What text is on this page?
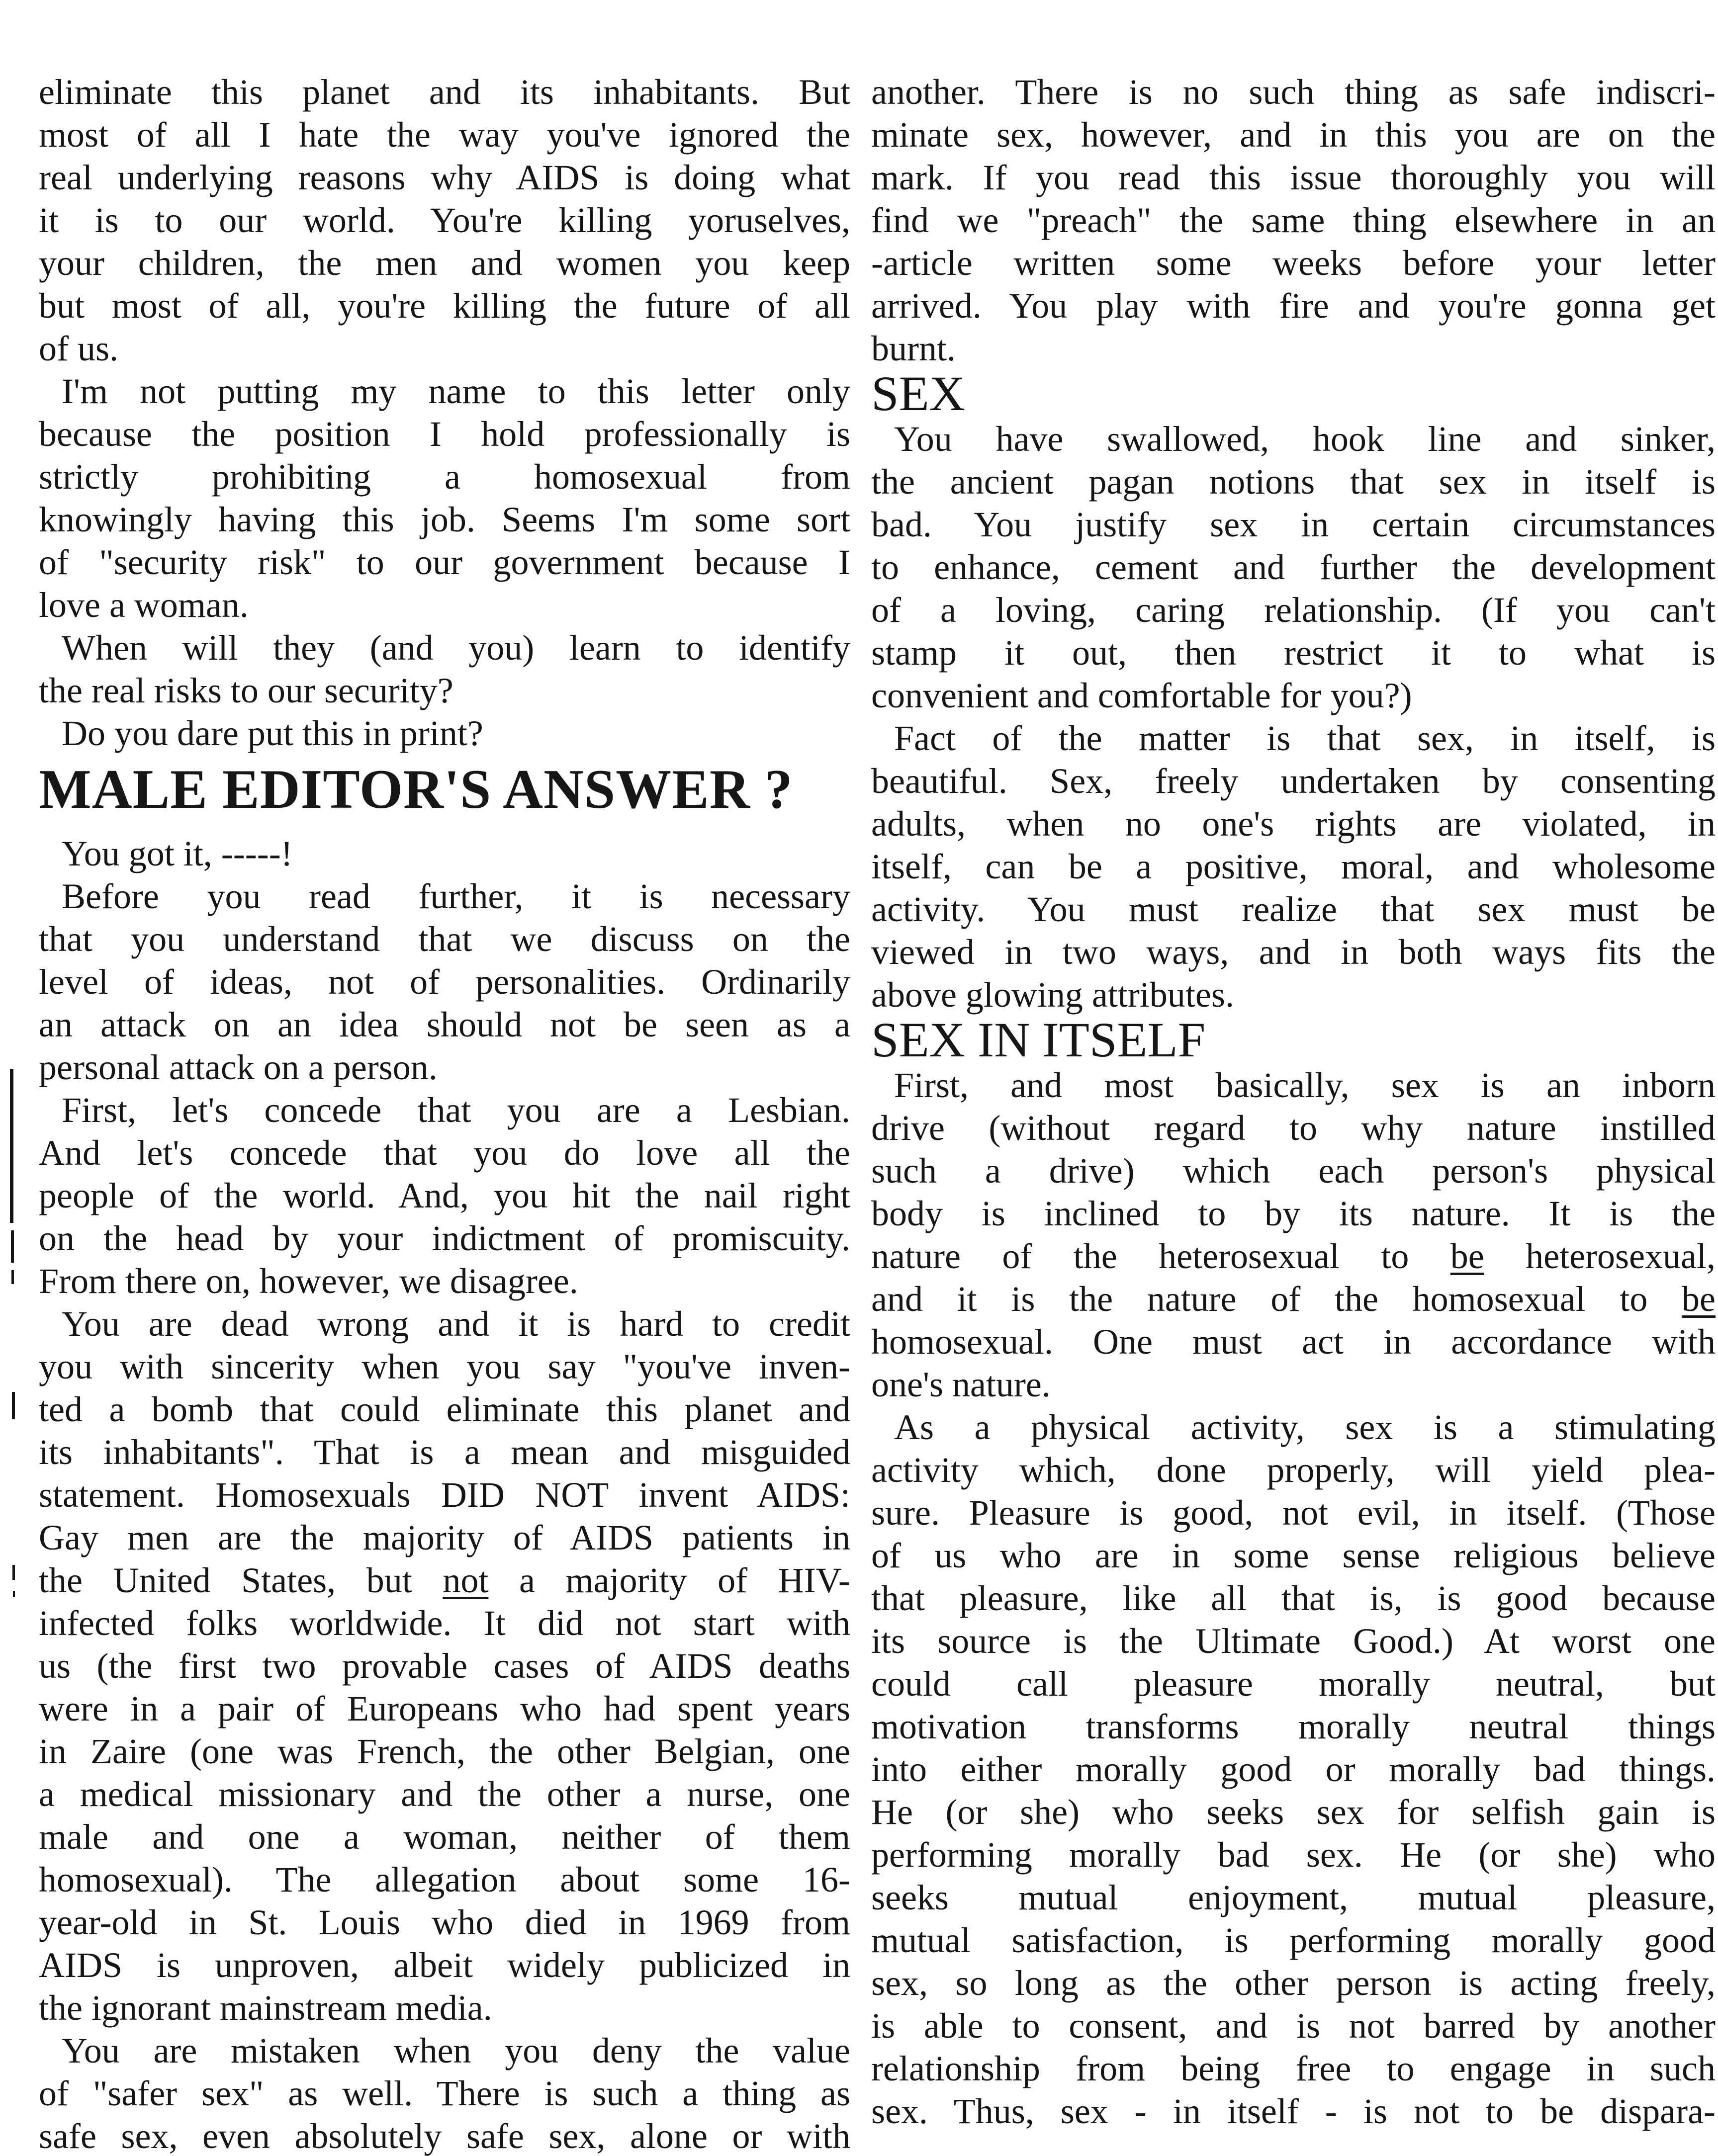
eliminate this planet and its inhabitants. But
most of all I hate the way you've ignored the
real underlying reasons why AIDS is doing what
it is to our world. You're killing yoruselves,
your children, the men and women you keep
but most of all, you're killing the future of all
of us.
I'm not putting my name to this letter only
because the position I hold professionally is
strictly prohibiting a homosexual from
knowingly having this job. Seems I'm some sort
of "security risk" to our government because I
love a woman.
When will they (and you) learn to identify
the real risks to our security?
Do you dare put this in print?
MALE EDITOR'S ANSWER ?
You got it, -----!
Before you read further, it is necessary
that you understand that we discuss on the
level of ideas, not of personalities. Ordinarily
an attack on an idea should not be seen as a
personal attack on a person.
First, let's concede that you are a Lesbian.
And let's concede that you do love all the
people of the world. And, you hit the nail right
on the head by your indictment of promiscuity.
From there on, however, we disagree.
You are dead wrong and it is hard to credit
you with sincerity when you say "you've inven-
ted a bomb that could eliminate this planet and
its inhabitants". That is a mean and misguided
statement. Homosexuals DID NOT invent AIDS:
Gay men are the majority of AIDS patients in
the United States, but not a majority of HIV-
infected folks worldwide. It did not start with
us (the first two provable cases of AIDS deaths
were in a pair of Europeans who had spent years
in Zaire (one was French, the other Belgian, one
a medical missionary and the other a nurse, one
male and one a woman, neither of them
homosexual). The allegation about some 16-
year-old in St. Louis who died in 1969 from
AIDS is unproven, albeit widely publicized in
the ignorant mainstream media.
You are mistaken when you deny the value
of "safer sex" as well. There is such a thing as
safe sex, even absolutely safe sex, alone or with
another. There is no such thing as safe indiscri-
minate sex, however, and in this you are on the
mark. If you read this issue thoroughly you will
find we "preach" the same thing elsewhere in an
-article written some weeks before your letter
arrived. You play with fire and you're gonna get
burnt.
SEX
You have swallowed, hook line and sinker,
the ancient pagan notions that sex in itself is
bad. You justify sex in certain circumstances
to enhance, cement and further the development
of a loving, caring relationship. (If you can't
stamp it out, then restrict it to what is
convenient and comfortable for you?)
Fact of the matter is that sex, in itself, is
beautiful. Sex, freely undertaken by consenting
adults, when no one's rights are violated, in
itself, can be a positive, moral, and wholesome
activity. You must realize that sex must be
viewed in two ways, and in both ways fits the
above glowing attributes.
SEX IN ITSELF
First, and most basically, sex is an inborn
drive (without regard to why nature instilled
such a drive) which each person's physical
body is inclined to by its nature. It is the
nature of the heterosexual to be heterosexual,
and it is the nature of the homosexual to be
homosexual. One must act in accordance with
one's nature.
As a physical activity, sex is a stimulating
activity which, done properly, will yield plea-
sure. Pleasure is good, not evil, in itself. (Those
of us who are in some sense religious believe
that pleasure, like all that is, is good because
its source is the Ultimate Good.) At worst one
could call pleasure morally neutral, but
motivation transforms morally neutral things
into either morally good or morally bad things.
He (or she) who seeks sex for selfish gain is
performing morally bad sex. He (or she) who
seeks mutual enjoyment, mutual pleasure,
mutual satisfaction, is performing morally good
sex, so long as the other person is acting freely,
is able to consent, and is not barred by another
relationship from being free to engage in such
sex. Thus, sex - in itself - is not to be dispara-
